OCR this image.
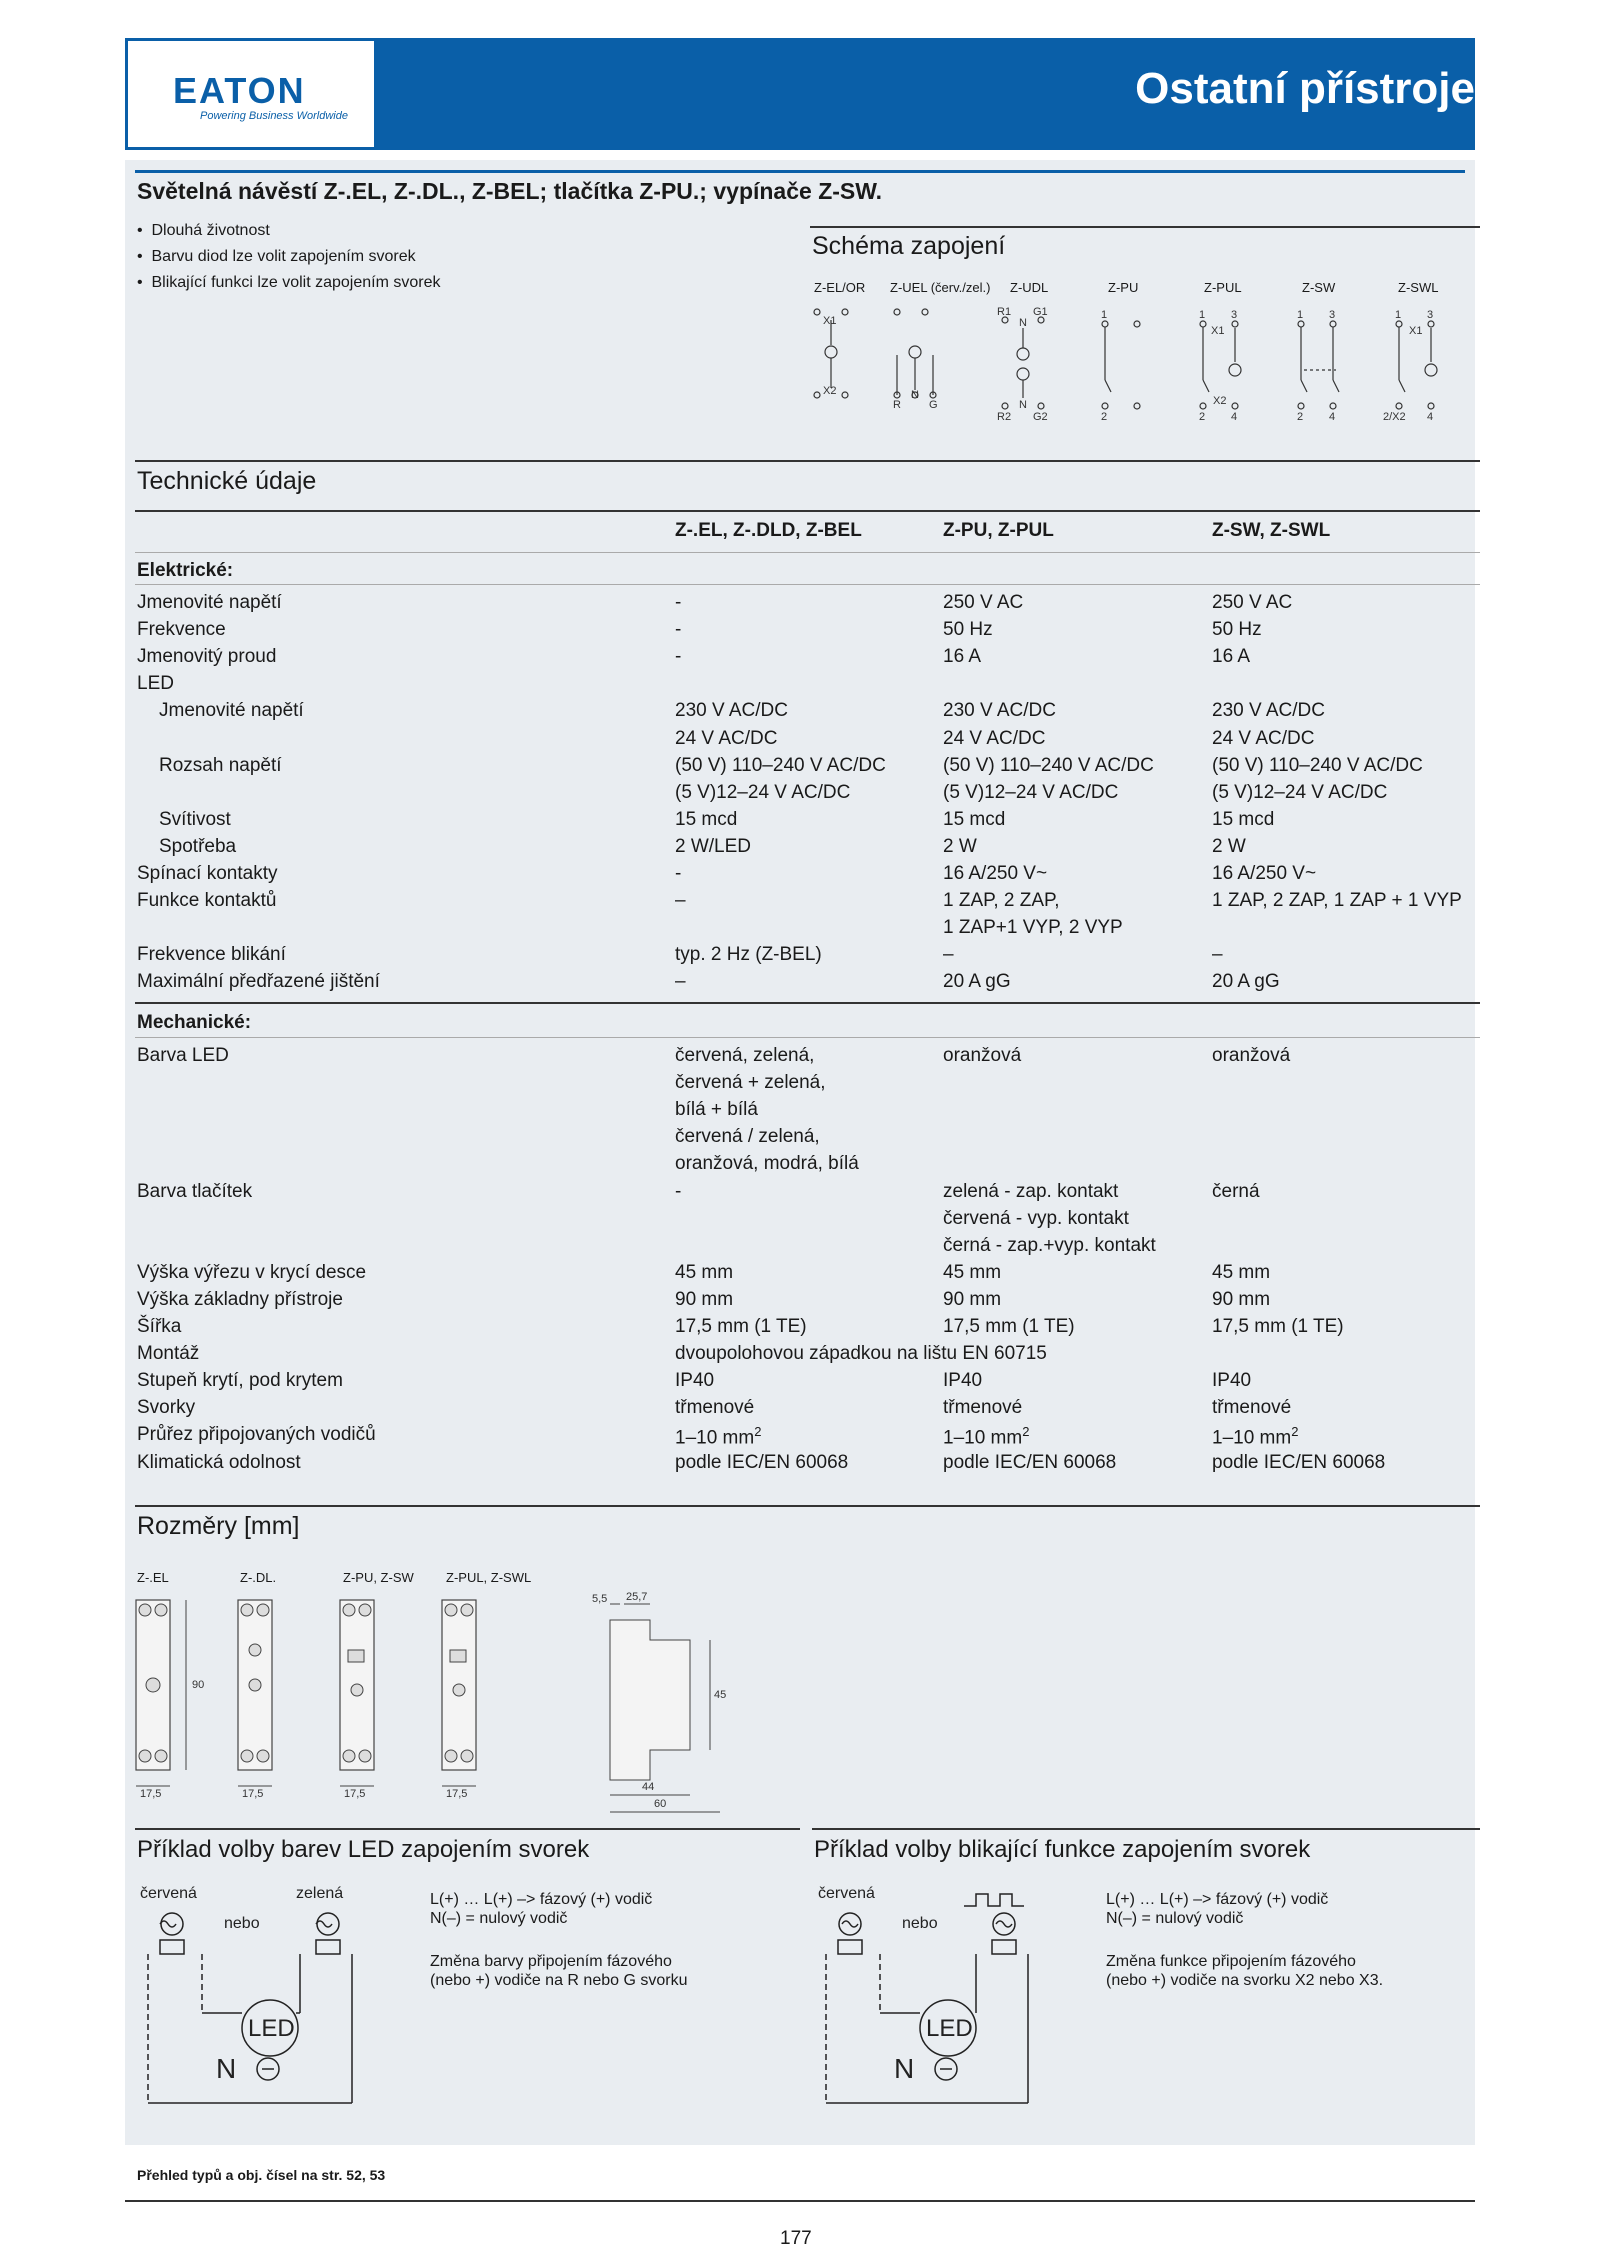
EATON
Powering Business Worldwide
Ostatní přístroje
Světelná návěstí Z-.EL, Z-.DL., Z-BEL; tlačítka Z-PU.; vypínače Z-SW.
•  Dlouhá životnost
•  Barvu diod lze volit zapojením svorek
•  Blikající funkci lze volit zapojením svorek
Schéma zapojení
Z-EL/OR Z-UEL (červ./zel.) Z-UDL	Z-PU	Z-PUL	Z-SW	Z-SWL
X1
X2
R
N
G
R1 G1
N
N
R2 G2
1
2
1 3
X1
X2
2 4
1 3
2 4
1 3
X1
2/X2 4
Technické údaje
Z-.EL, Z-.DLD, Z-BEL	Z-PU, Z-PUL	Z-SW, Z-SWL
Elektrické:
Jmenovité napětí	-	250 V AC	250 V AC
Frekvence	-	50 Hz	50 Hz
Jmenovitý proud	-	16 A	16 A
LED
Jmenovité napětí	230 V AC/DC	230 V AC/DC	230 V AC/DC
24 V AC/DC	24 V AC/DC	24 V AC/DC
Rozsah napětí	(50 V) 110–240 V AC/DC	(50 V) 110–240 V AC/DC	(50 V) 110–240 V AC/DC
(5 V)12–24 V AC/DC	(5 V)12–24 V AC/DC	(5 V)12–24 V AC/DC
Svítivost	15 mcd	15 mcd	15 mcd
Spotřeba	2 W/LED	2 W	2 W
Spínací kontakty	-	16 A/250 V~	16 A/250 V~
Funkce kontaktů	–	1 ZAP, 2 ZAP,	1 ZAP, 2 ZAP, 1 ZAP + 1 VYP
1 ZAP+1 VYP, 2 VYP
Frekvence blikání	typ. 2 Hz (Z-BEL)	–	–
Maximální předřazené jištění	–	20 A gG	20 A gG
Mechanické:
Barva LED	červená, zelená,	oranžová	oranžová
červená + zelená,
bílá + bílá
červená / zelená,
oranžová, modrá, bílá
Barva tlačítek	-	zelená - zap. kontakt	černá
červená - vyp. kontakt
černá - zap.+vyp. kontakt
Výška výřezu v krycí desce	45 mm	45 mm	45 mm
Výška základny přístroje	90 mm	90 mm	90 mm
Šířka	17,5 mm (1 TE)	17,5 mm (1 TE)	17,5 mm (1 TE)
Montáž	dvoupolohovou západkou na lištu EN 60715
Stupeň krytí, pod krytem	IP40	IP40	IP40
Svorky	třmenové	třmenové	třmenové
Průřez připojovaných vodičů	1–10 $mm^2$	1–10 $mm^2$	1–10 $mm^2$
Klimatická odolnost	podle IEC/EN 60068	podle IEC/EN 60068	podle IEC/EN 60068
Rozměry [mm]
Z-.EL	Z-.DL.	Z-PU, Z-SW Z-PUL, Z-SWL
17,5	17,5	17,5	17,5
90
5,5 25,7
45
44
60
Příklad volby barev LED zapojením svorek	Příklad volby blikající funkce zapojením svorek
červená	zelená
nebo
LED
N
L(+) … L(+) –> fázový (+) vodič
N(–) = nulový vodič
Změna barvy připojením fázového
(nebo +) vodiče na R nebo G svorku
červená
nebo
LED
N
L(+) … L(+) –> fázový (+) vodič
N(–) = nulový vodič
Změna funkce připojením fázového
(nebo +) vodiče na svorku X2 nebo X3.
Přehled typů a obj. čísel na str. 52, 53
177
